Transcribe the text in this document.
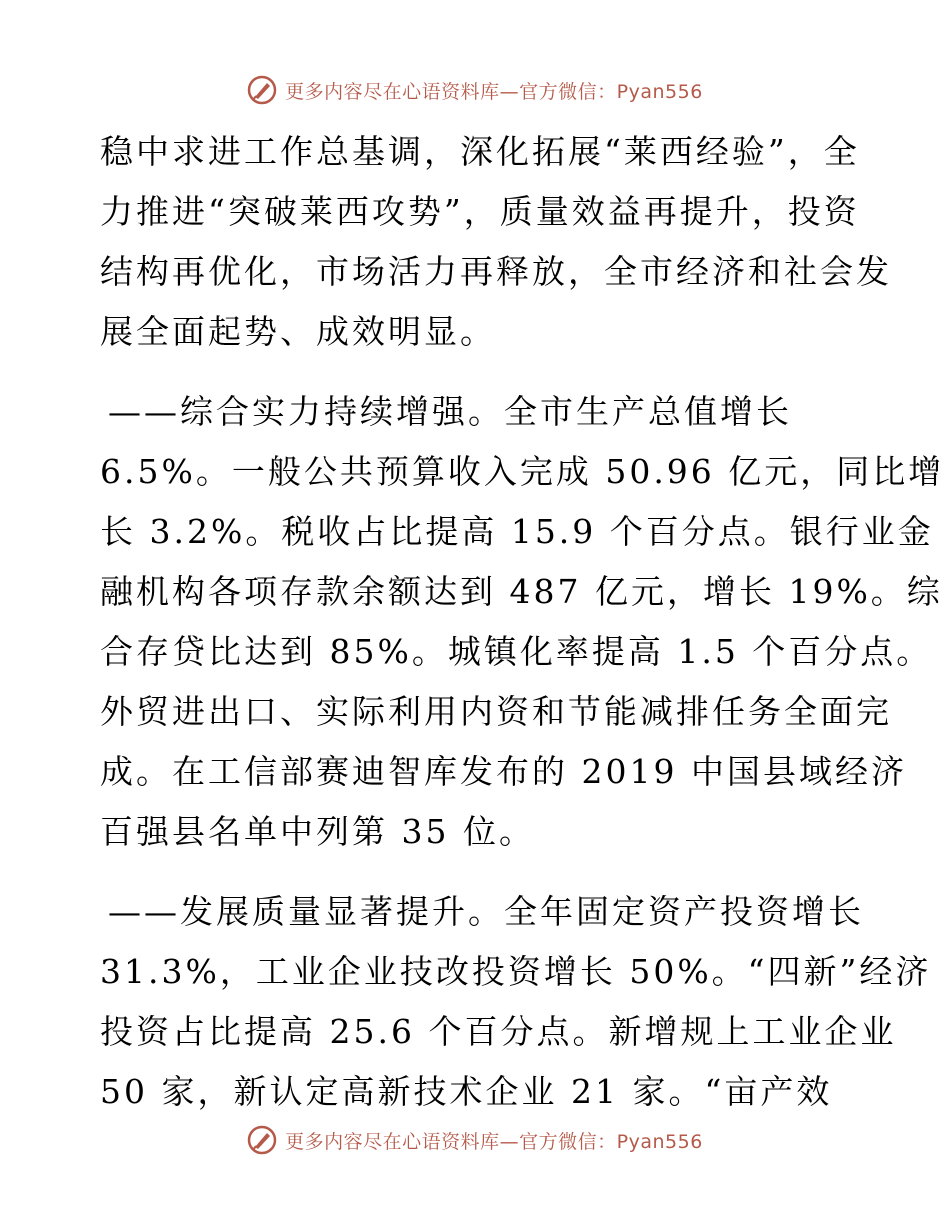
更多内容尽在心语资料库—官方微信：Pyan556
稳中求进工作总基调，深化拓展“莱西经验”，全
力推进“突破莱西攻势”，质量效益再提升，投资
结构再优化，市场活力再释放，全市经济和社会发
展全面起势、成效明显。
——综合实力持续增强。全市生产总值增长
6.5%。一般公共预算收入完成 50.96 亿元，同比增
长 3.2%。税收占比提高 15.9 个百分点。银行业金
融机构各项存款余额达到 487 亿元，增长 19%。综
合存贷比达到 85%。城镇化率提高 1.5 个百分点。
外贸进出口、实际利用内资和节能减排任务全面完
成。在工信部赛迪智库发布的 2019 中国县域经济
百强县名单中列第 35 位。
——发展质量显著提升。全年固定资产投资增长
31.3%，工业企业技改投资增长 50%。“四新”经济
投资占比提高 25.6 个百分点。新增规上工业企业
50 家，新认定高新技术企业 21 家。“亩产效
更多内容尽在心语资料库—官方微信：Pyan556
